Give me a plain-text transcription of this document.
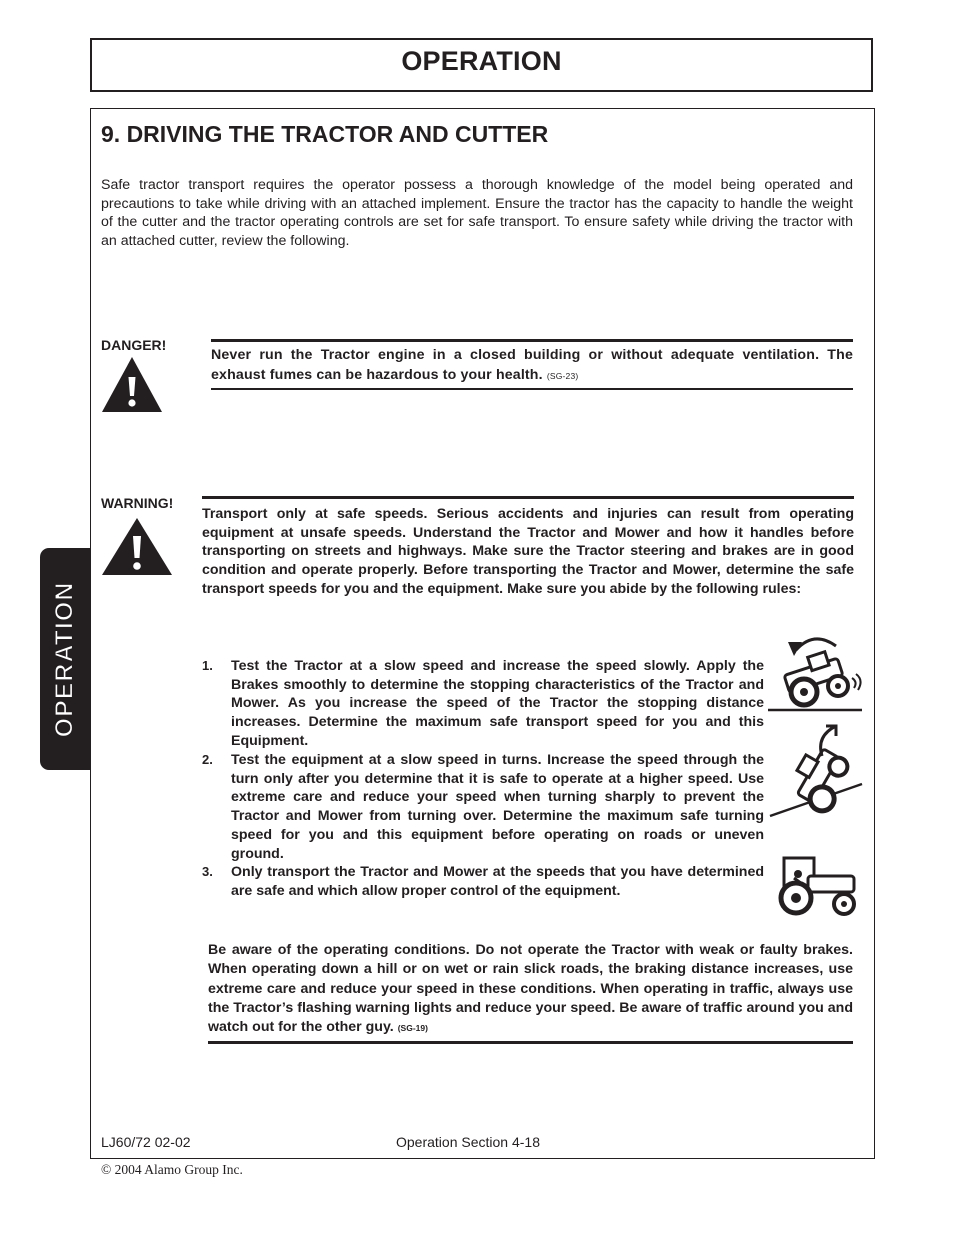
OPERATION
9. DRIVING THE TRACTOR AND CUTTER
Safe tractor transport requires the operator possess a thorough knowledge of the model being operated and precautions to take while driving with an attached implement. Ensure the tractor has the capacity to handle the weight of the cutter and the tractor operating controls are set for safe transport. To ensure safety while driving the tractor with an attached cutter, review the following.
DANGER!
Never run the Tractor engine in a closed building or without adequate ventilation. The exhaust fumes can be hazardous to your health. (SG-23)
WARNING!
Transport only at safe speeds. Serious accidents and injuries can result from operating equipment at unsafe speeds. Understand the Tractor and Mower and how it handles before transporting on streets and highways. Make sure the Tractor steering and brakes are in good condition and operate properly. Before transporting the Tractor and Mower, determine the safe transport speeds for you and the equipment. Make sure you abide by the following rules:
1. Test the Tractor at a slow speed and increase the speed slowly. Apply the Brakes smoothly to determine the stopping characteristics of the Tractor and Mower. As you increase the speed of the Tractor the stopping distance increases. Determine the maximum safe transport speed for you and this Equipment.
2. Test the equipment at a slow speed in turns. Increase the speed through the turn only after you determine that it is safe to operate at a higher speed. Use extreme care and reduce your speed when turning sharply to prevent the Tractor and Mower from turning over. Determine the maximum safe turning speed for you and this equipment before operating on roads or uneven ground.
3. Only transport the Tractor and Mower at the speeds that you have determined are safe and which allow proper control of the equipment.
Be aware of the operating conditions. Do not operate the Tractor with weak or faulty brakes. When operating down a hill or on wet or rain slick roads, the braking distance increases, use extreme care and reduce your speed in these conditions. When operating in traffic, always use the Tractor’s flashing warning lights and reduce your speed. Be aware of traffic around you and watch out for the other guy. (SG-19)
OPERATION
LJ60/72 02-02	Operation Section 4-18
© 2004 Alamo Group Inc.
